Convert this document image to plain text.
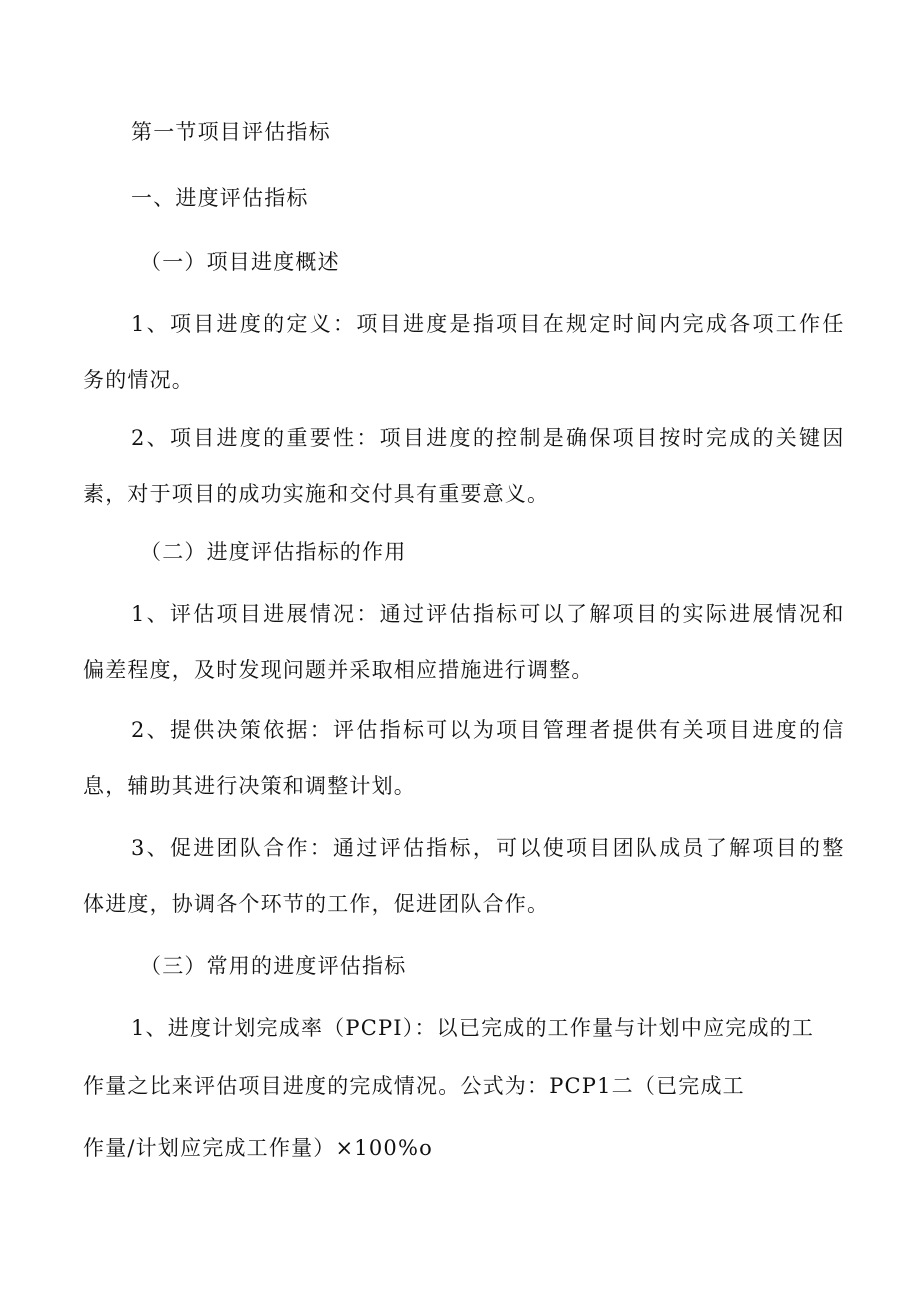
第一节项目评估指标
一、进度评估指标
（一）项目进度概述
1、项目进度的定义：项目进度是指项目在规定时间内完成各项工作任
务的情况。
2、项目进度的重要性：项目进度的控制是确保项目按时完成的关键因
素，对于项目的成功实施和交付具有重要意义。
（二）进度评估指标的作用
1、评估项目进展情况：通过评估指标可以了解项目的实际进展情况和
偏差程度，及时发现问题并采取相应措施进行调整。
2、提供决策依据：评估指标可以为项目管理者提供有关项目进度的信
息，辅助其进行决策和调整计划。
3、促进团队合作：通过评估指标，可以使项目团队成员了解项目的整
体进度，协调各个环节的工作，促进团队合作。
（三）常用的进度评估指标
1、进度计划完成率（PCPI）：以已完成的工作量与计划中应完成的工
作量之比来评估项目进度的完成情况。公式为：PCP1二（已完成工
作量/计划应完成工作量）×100%o
